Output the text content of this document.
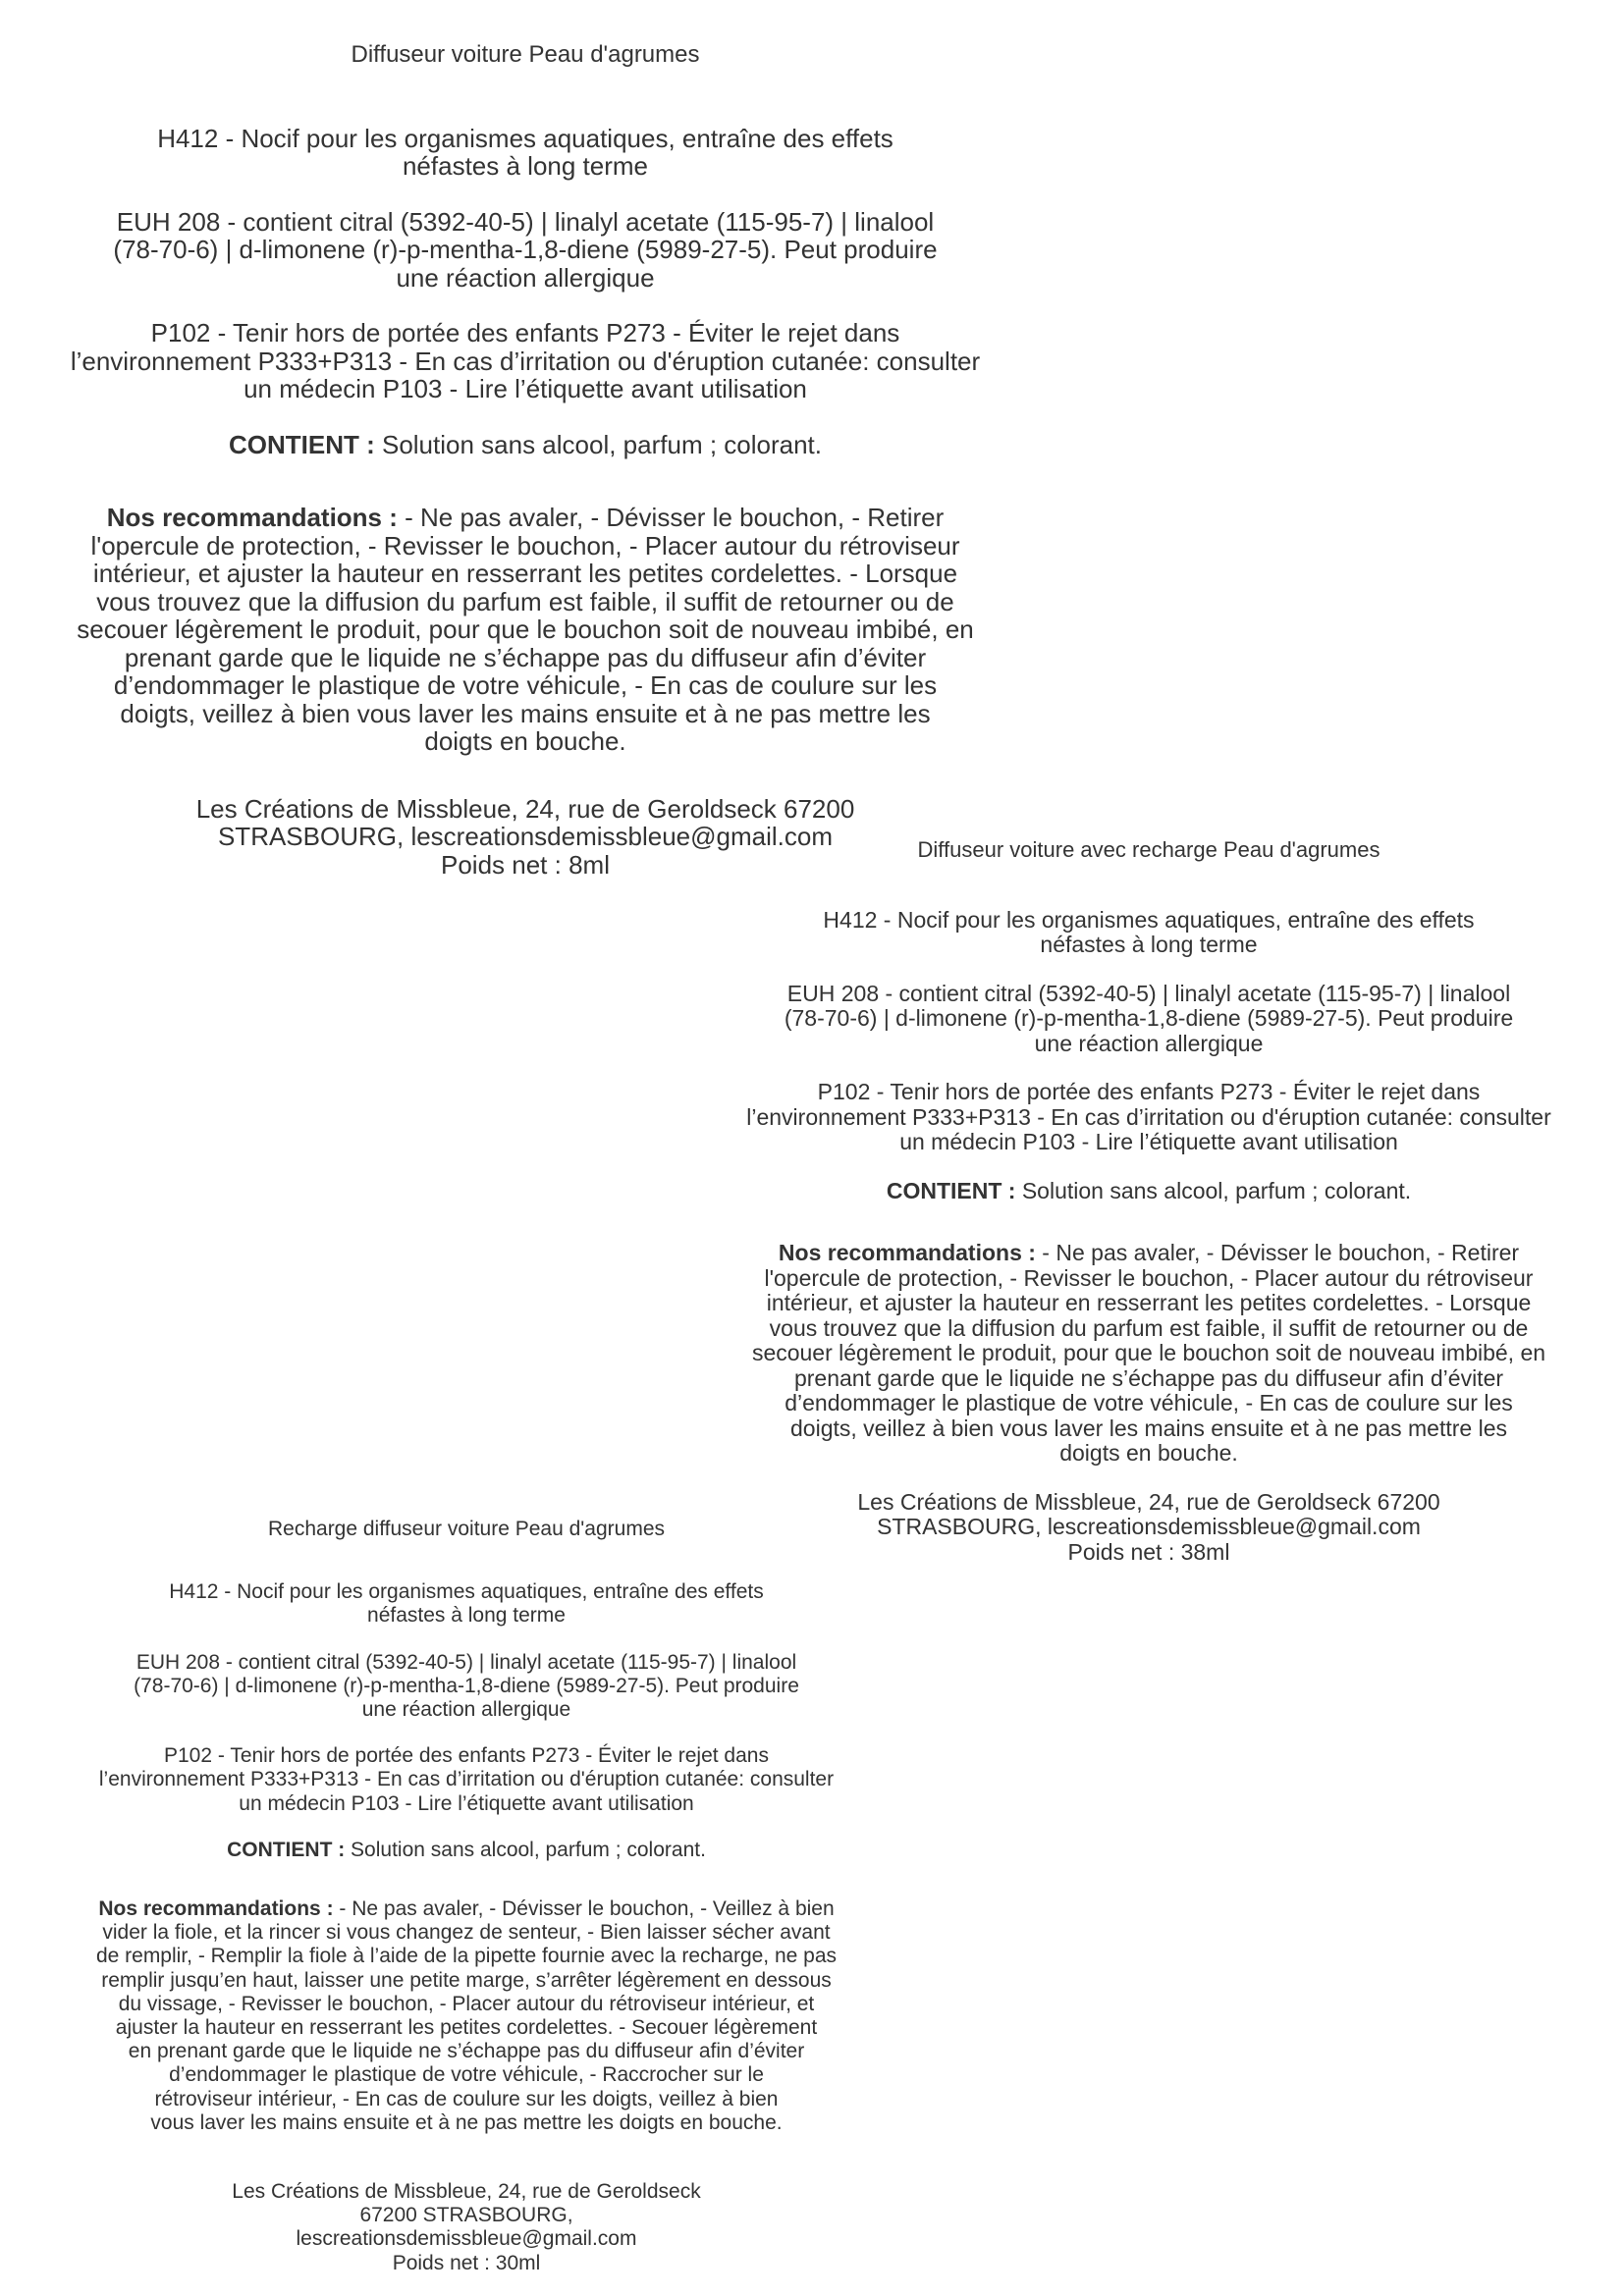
Diffuseur voiture Peau d'agrumes

H412 - Nocif pour les organismes aquatiques, entraîne des effets
néfastes à long terme

EUH 208 - contient citral (5392-40-5) | linalyl acetate (115-95-7) | linalool
(78-70-6) | d-limonene (r)-p-mentha-1,8-diene (5989-27-5). Peut produire
une réaction allergique

P102 - Tenir hors de portée des enfants P273 - Éviter le rejet dans
l’environnement P333+P313 - En cas d’irritation ou d'éruption cutanée: consulter
un médecin P103 - Lire l’étiquette avant utilisation

CONTIENT : Solution sans alcool, parfum ; colorant.

Nos recommandations : - Ne pas avaler, - Dévisser le bouchon, - Retirer
l'opercule de protection, - Revisser le bouchon, - Placer autour du rétroviseur
intérieur, et ajuster la hauteur en resserrant les petites cordelettes. - Lorsque
vous trouvez que la diffusion du parfum est faible, il suffit de retourner ou de
secouer légèrement le produit, pour que le bouchon soit de nouveau imbibé, en
prenant garde que le liquide ne s’échappe pas du diffuseur afin d’éviter
d’endommager le plastique de votre véhicule, - En cas de coulure sur les
doigts, veillez à bien vous laver les mains ensuite et à ne pas mettre les
doigts en bouche.

Les Créations de Missbleue, 24, rue de Geroldseck 67200
STRASBOURG, lescreationsdemissbleue@gmail.com
Poids net : 8ml	Diffuseur voiture avec recharge Peau d'agrumes

H412 - Nocif pour les organismes aquatiques, entraîne des effets
néfastes à long terme

EUH 208 - contient citral (5392-40-5) | linalyl acetate (115-95-7) | linalool
(78-70-6) | d-limonene (r)-p-mentha-1,8-diene (5989-27-5). Peut produire
une réaction allergique

P102 - Tenir hors de portée des enfants P273 - Éviter le rejet dans
l’environnement P333+P313 - En cas d’irritation ou d'éruption cutanée: consulter
un médecin P103 - Lire l’étiquette avant utilisation

CONTIENT : Solution sans alcool, parfum ; colorant.

Nos recommandations : - Ne pas avaler, - Dévisser le bouchon, - Retirer
l'opercule de protection, - Revisser le bouchon, - Placer autour du rétroviseur
intérieur, et ajuster la hauteur en resserrant les petites cordelettes. - Lorsque
vous trouvez que la diffusion du parfum est faible, il suffit de retourner ou de
secouer légèrement le produit, pour que le bouchon soit de nouveau imbibé, en
prenant garde que le liquide ne s’échappe pas du diffuseur afin d’éviter
d’endommager le plastique de votre véhicule, - En cas de coulure sur les
doigts, veillez à bien vous laver les mains ensuite et à ne pas mettre les
doigts en bouche.

Les Créations de Missbleue, 24, rue de Geroldseck 67200
STRASBOURG, lescreationsdemissbleue@gmail.com
Poids net : 38ml

Recharge diffuseur voiture Peau d'agrumes

H412 - Nocif pour les organismes aquatiques, entraîne des effets
néfastes à long terme

EUH 208 - contient citral (5392-40-5) | linalyl acetate (115-95-7) | linalool
(78-70-6) | d-limonene (r)-p-mentha-1,8-diene (5989-27-5). Peut produire
une réaction allergique

P102 - Tenir hors de portée des enfants P273 - Éviter le rejet dans
l’environnement P333+P313 - En cas d’irritation ou d'éruption cutanée: consulter
un médecin P103 - Lire l’étiquette avant utilisation

CONTIENT : Solution sans alcool, parfum ; colorant.

Nos recommandations : - Ne pas avaler, - Dévisser le bouchon, - Veillez à bien
vider la fiole, et la rincer si vous changez de senteur, - Bien laisser sécher avant
de remplir, - Remplir la fiole à l’aide de la pipette fournie avec la recharge, ne pas
remplir jusqu’en haut, laisser une petite marge, s’arrêter légèrement en dessous
du vissage, - Revisser le bouchon, - Placer autour du rétroviseur intérieur, et
ajuster la hauteur en resserrant les petites cordelettes. - Secouer légèrement
en prenant garde que le liquide ne s’échappe pas du diffuseur afin d’éviter
d’endommager le plastique de votre véhicule, - Raccrocher sur le
rétroviseur intérieur, - En cas de coulure sur les doigts, veillez à bien
vous laver les mains ensuite et à ne pas mettre les doigts en bouche.

Les Créations de Missbleue, 24, rue de Geroldseck
67200 STRASBOURG,
lescreationsdemissbleue@gmail.com
Poids net : 30ml
